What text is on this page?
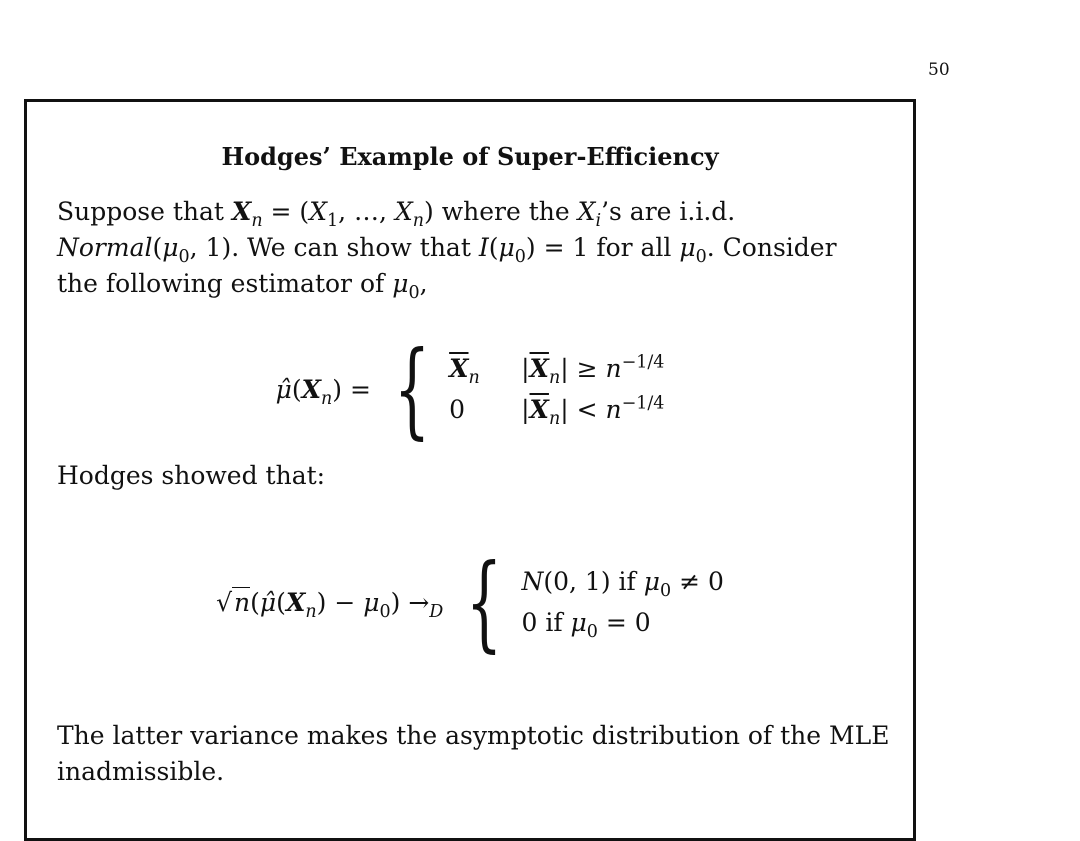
50
Hodges’ Example of Super-Efficiency
Suppose that $X_n = (X_1$, …, $X_n$) where the $X_i’s$ are i.i.d.
$Normal(\mu_0$, 1). We can show that $I(\mu_0) = 1$ for all $\mu_0$. Consider
the following estimator of $\mu_0$,
$\mû(X_n)$ = { $\overline{X}_n$	$|\overline{X}_n| \ge n^{-1/4}$
0	$|\overline{X}_n| < n^{-1/4}$
Hodges showed that:
$√n(\mû(X_n) - \mu_0) \to_D$ { N(0, 1) if $\mu_0 \ne 0$
0 if $\mu_0 = 0$
The latter variance makes the asymptotic distribution of the MLE
inadmissible.
